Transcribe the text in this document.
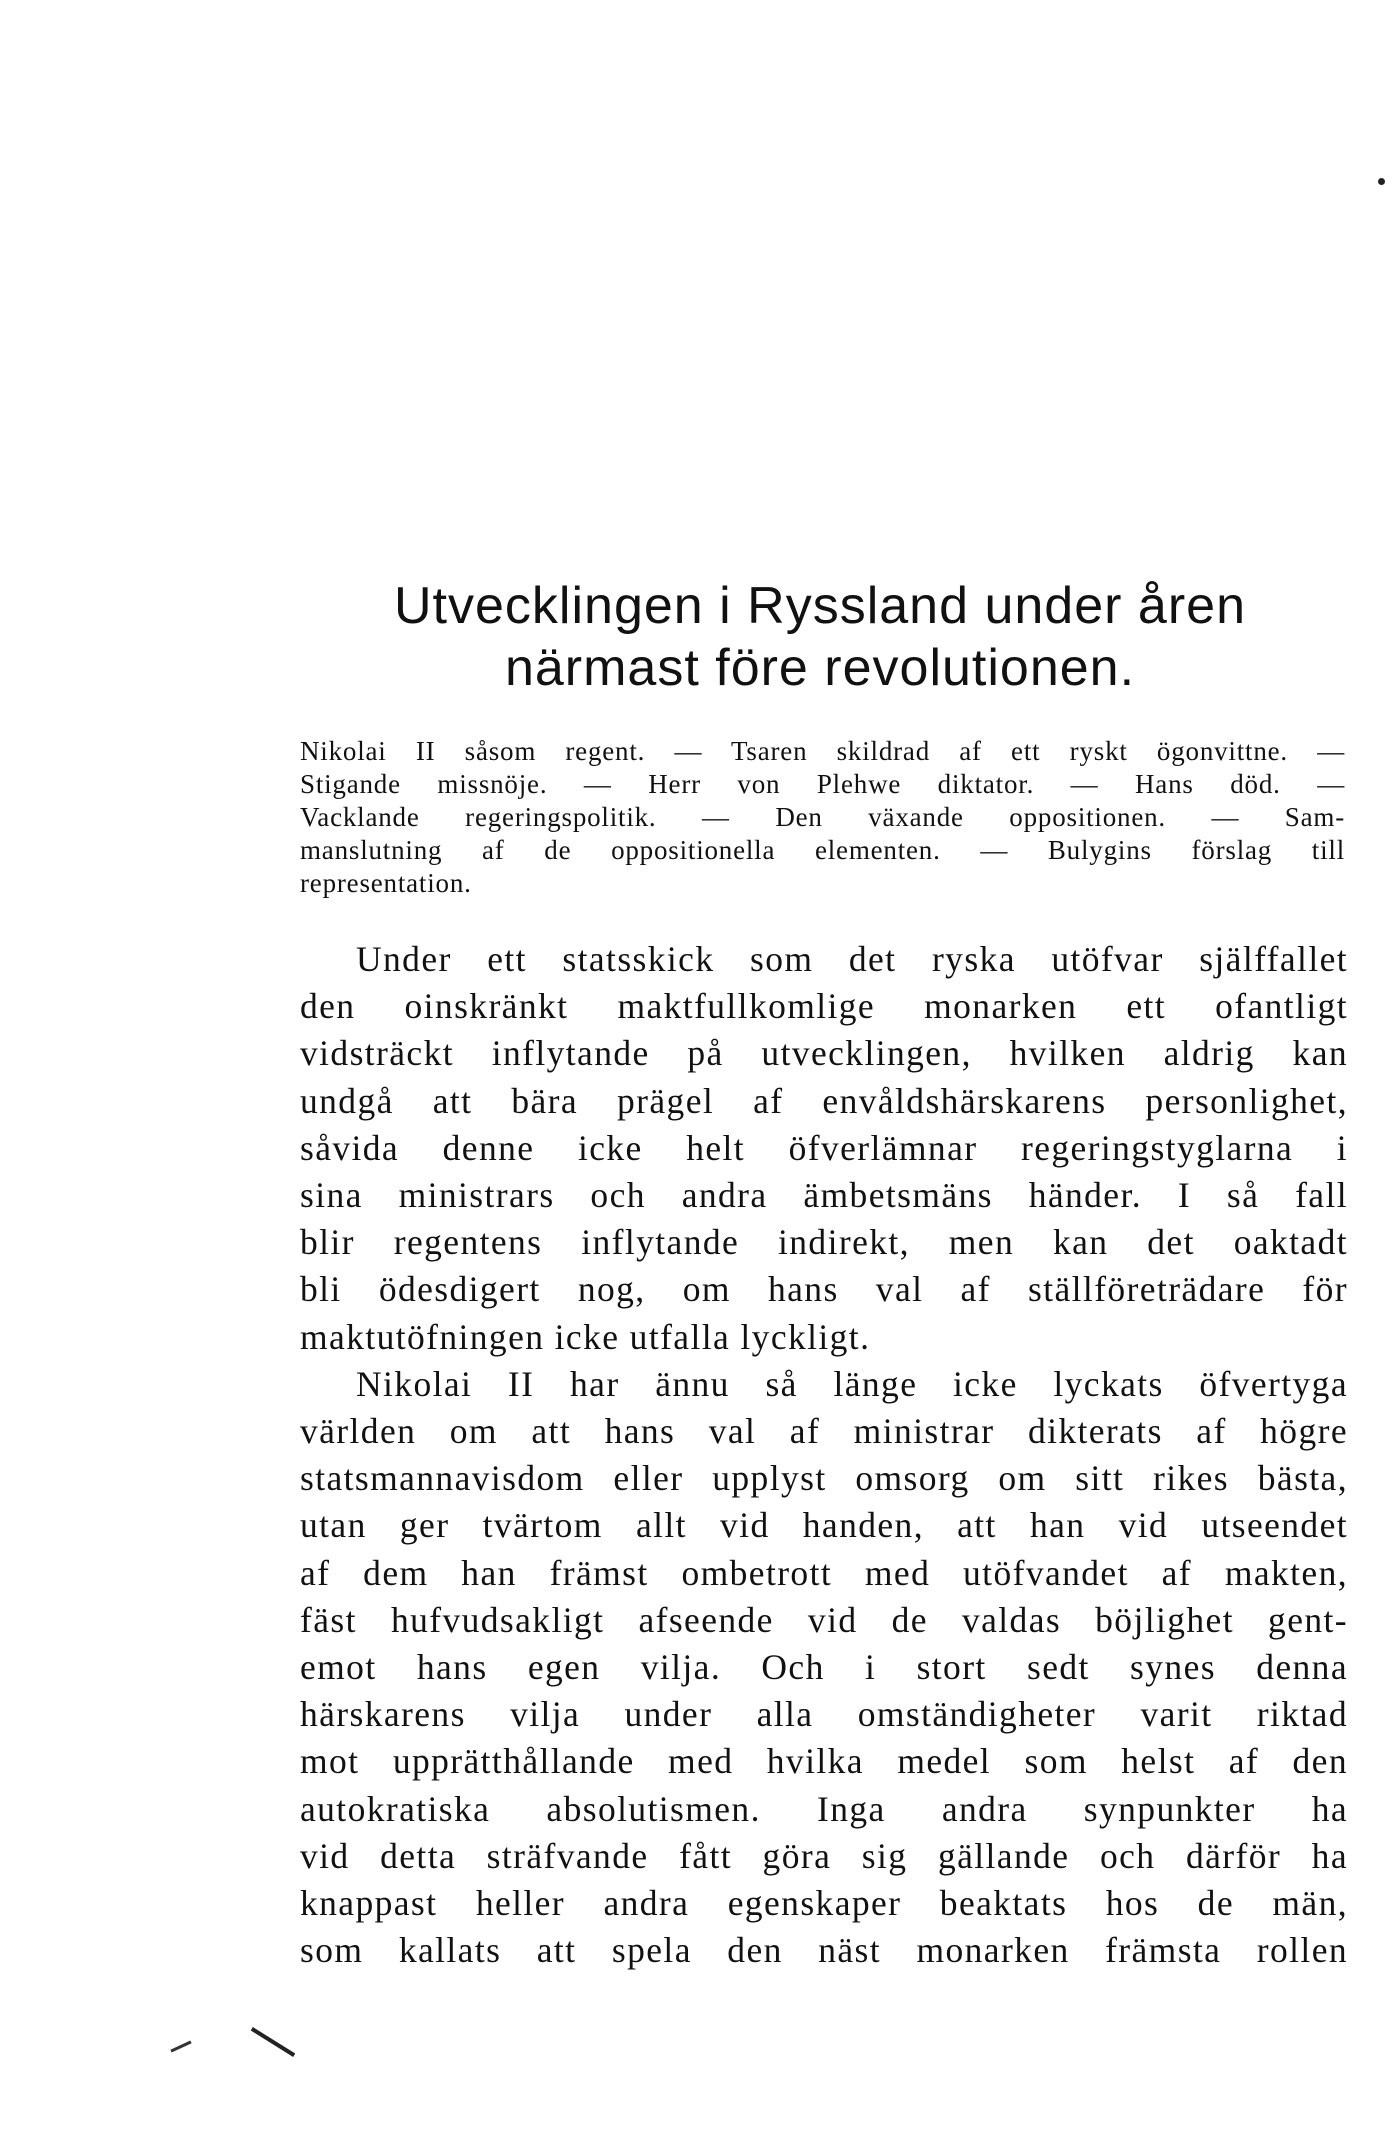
Utvecklingen i Ryssland under åren
närmast före revolutionen.
Nikolai II såsom regent. — Tsaren skildrad af ett ryskt ögonvittne. —
Stigande missnöje. — Herr von Plehwe diktator. — Hans död. —
Vacklande regeringspolitik. — Den växande oppositionen. — Sam-
manslutning af de oppositionella elementen. — Bulygins förslag till
representation.
Under ett statsskick som det ryska utöfvar själffallet
den oinskränkt maktfullkomlige monarken ett ofantligt
vidsträckt inflytande på utvecklingen, hvilken aldrig kan
undgå att bära prägel af envåldshärskarens personlighet,
såvida denne icke helt öfverlämnar regeringstyglarna i
sina ministrars och andra ämbetsmäns händer. I så fall
blir regentens inflytande indirekt, men kan det oaktadt
bli ödesdigert nog, om hans val af ställföreträdare för
maktutöfningen icke utfalla lyckligt.
Nikolai II har ännu så länge icke lyckats öfvertyga
världen om att hans val af ministrar dikterats af högre
statsmannavisdom eller upplyst omsorg om sitt rikes bästa,
utan ger tvärtom allt vid handen, att han vid utseendet
af dem han främst ombetrott med utöfvandet af makten,
fäst hufvudsakligt afseende vid de valdas böjlighet gent-
emot hans egen vilja. Och i stort sedt synes denna
härskarens vilja under alla omständigheter varit riktad
mot upprätthållande med hvilka medel som helst af den
autokratiska absolutismen. Inga andra synpunkter ha
vid detta sträfvande fått göra sig gällande och därför ha
knappast heller andra egenskaper beaktats hos de män,
som kallats att spela den näst monarken främsta rollen
